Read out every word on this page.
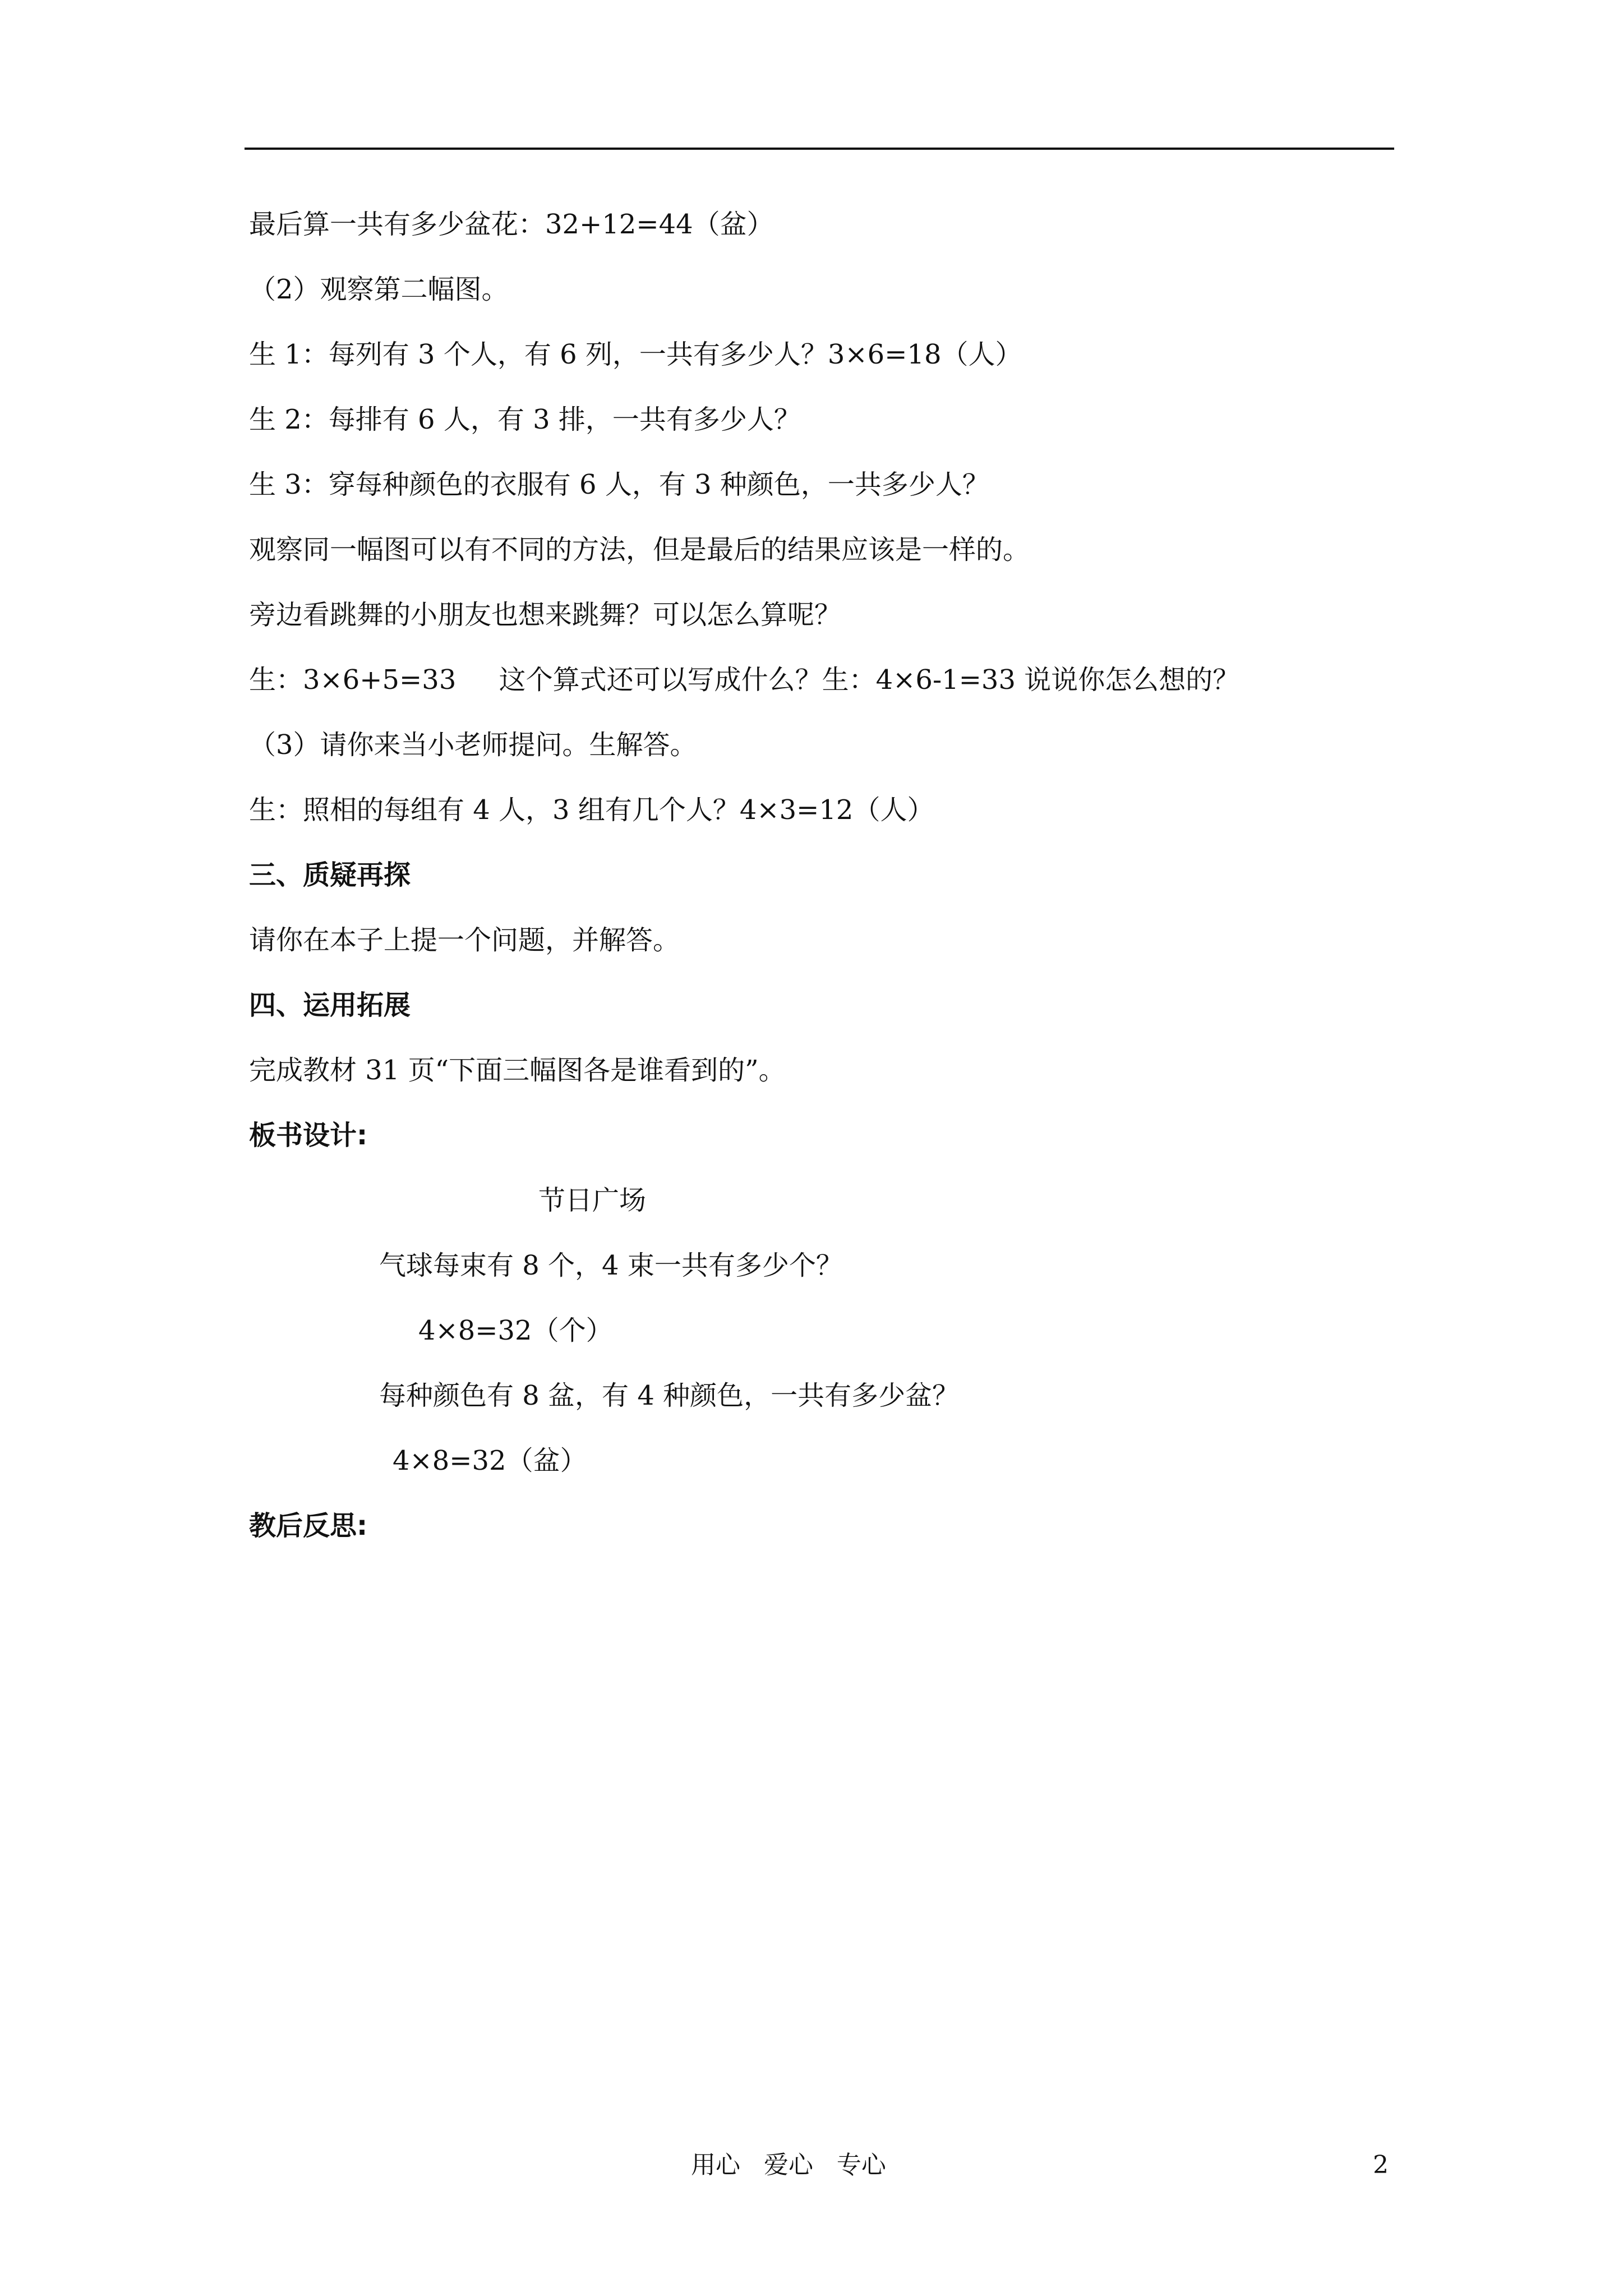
最后算一共有多少盆花：32+12=44（盆）
（2）观察第二幅图。
生 1：每列有 3 个人，有 6 列，一共有多少人？3×6=18（人）
生 2：每排有 6 人，有 3 排，一共有多少人？
生 3：穿每种颜色的衣服有 6 人，有 3 种颜色，一共多少人？
观察同一幅图可以有不同的方法，但是最后的结果应该是一样的。
旁边看跳舞的小朋友也想来跳舞？可以怎么算呢？
生：3×6+5=33     这个算式还可以写成什么？生：4×6-1=33 说说你怎么想的？
（3）请你来当小老师提问。生解答。
生：照相的每组有 4 人，3 组有几个人？4×3=12（人）
三、质疑再探
请你在本子上提一个问题，并解答。
四、运用拓展
完成教材 31 页“下面三幅图各是谁看到的”。
板书设计:
节日广场
气球每束有 8 个，4 束一共有多少个？
4×8=32（个）
每种颜色有 8 盆，有 4 种颜色，一共有多少盆？
4×8=32（盆）
教后反思:
用心   爱心   专心	2
